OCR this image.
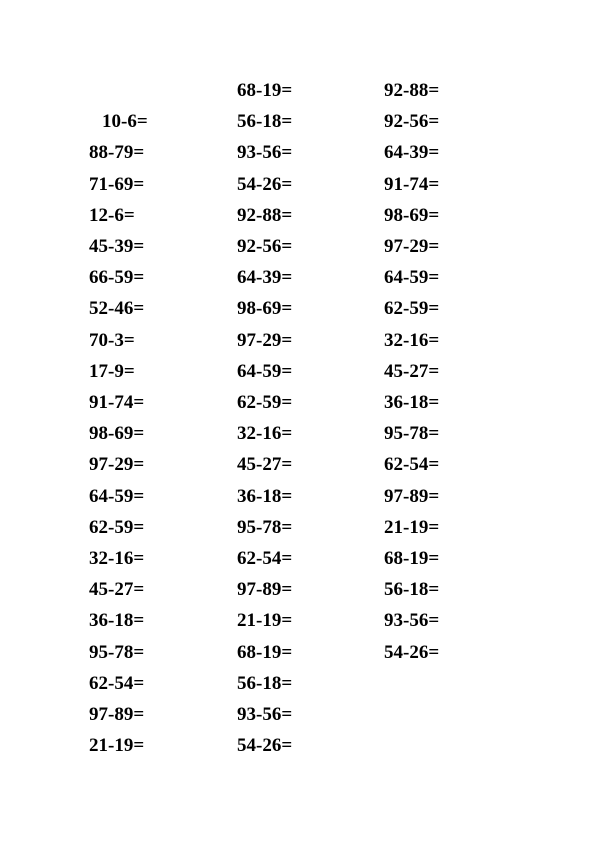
10-6=
88-79=
71-69=
12-6=
45-39=
66-59=
52-46=
70-3=
17-9=
91-74=
98-69=
97-29=
64-59=
62-59=
32-16=
45-27=
36-18=
95-78=
62-54=
97-89=
21-19=
68-19=
56-18=
93-56=
54-26=
92-88=
92-56=
64-39=
98-69=
97-29=
64-59=
62-59=
32-16=
45-27=
36-18=
95-78=
62-54=
97-89=
21-19=
68-19=
56-18=
93-56=
54-26=
92-88=
92-56=
64-39=
91-74=
98-69=
97-29=
64-59=
62-59=
32-16=
45-27=
36-18=
95-78=
62-54=
97-89=
21-19=
68-19=
56-18=
93-56=
54-26=
